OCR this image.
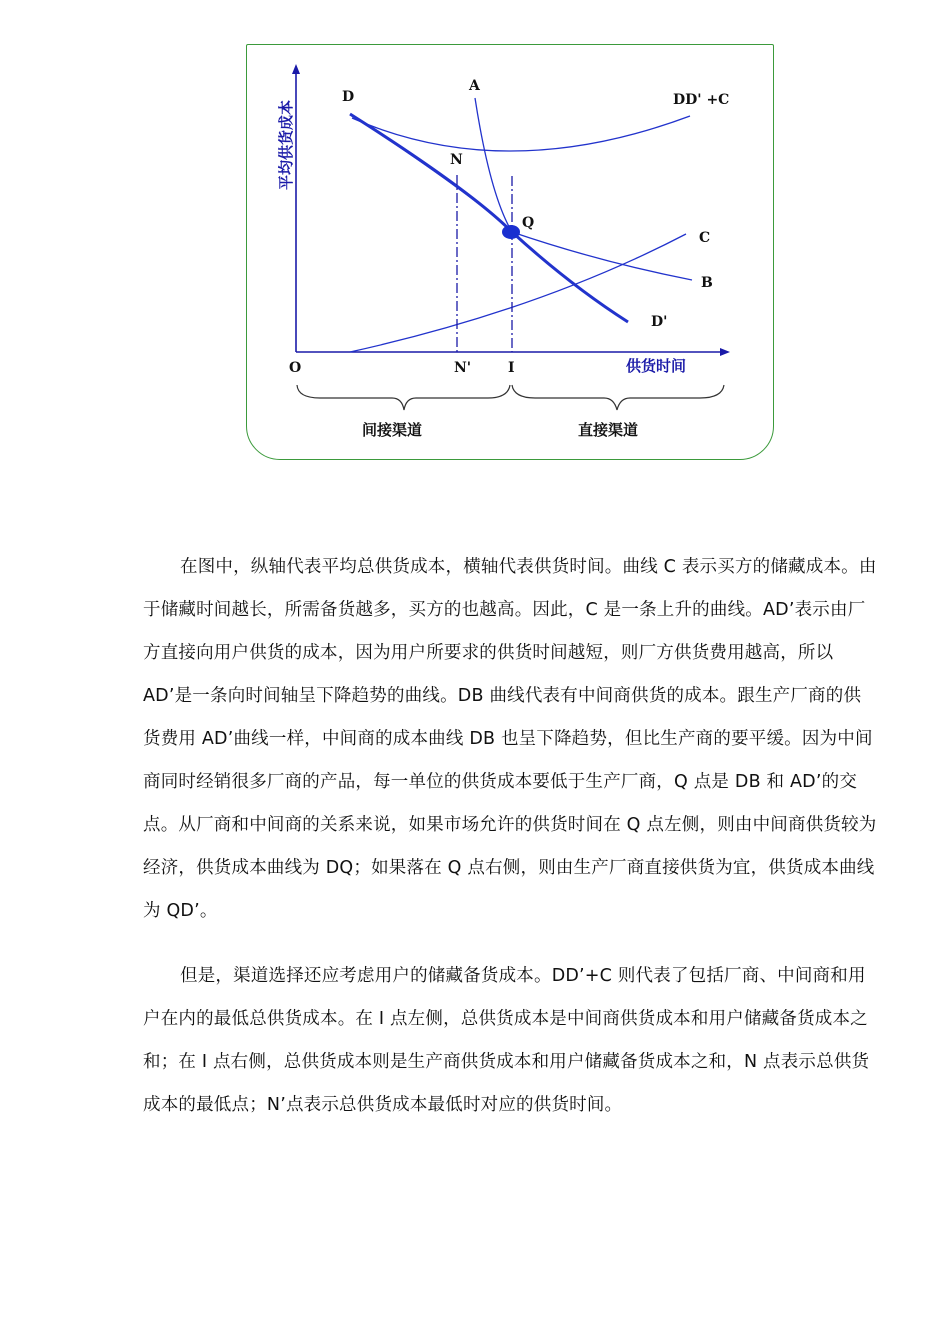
平均供货成本
供货时间
O	N'	I
D
A
DD' +C
N
Q
C
B
D'
间接渠道	直接渠道

在图中，纵轴代表平均总供货成本，横轴代表供货时间。曲线 C 表示买方的储藏成本。由于储藏时间越长，所需备货越多，买方的也越高。因此，C 是一条上升的曲线。AD’表示由厂方直接向用户供货的成本，因为用户所要求的供货时间越短，则厂方供货费用越高，所以 AD’是一条向时间轴呈下降趋势的曲线。DB 曲线代表有中间商供货的成本。跟生产厂商的供货费用 AD’曲线一样，中间商的成本曲线 DB 也呈下降趋势，但比生产商的要平缓。因为中间商同时经销很多厂商的产品，每一单位的供货成本要低于生产厂商，Q 点是 DB 和 AD’的交点。从厂商和中间商的关系来说，如果市场允许的供货时间在 Q 点左侧，则由中间商供货较为经济，供货成本曲线为 DQ；如果落在 Q 点右侧，则由生产厂商直接供货为宜，供货成本曲线为 QD’。

但是，渠道选择还应考虑用户的储藏备货成本。DD’+C 则代表了包括厂商、中间商和用户在内的最低总供货成本。在 I 点左侧，总供货成本是中间商供货成本和用户储藏备货成本之和；在 I 点右侧，总供货成本则是生产商供货成本和用户储藏备货成本之和，N 点表示总供货成本的最低点；N’点表示总供货成本最低时对应的供货时间。
